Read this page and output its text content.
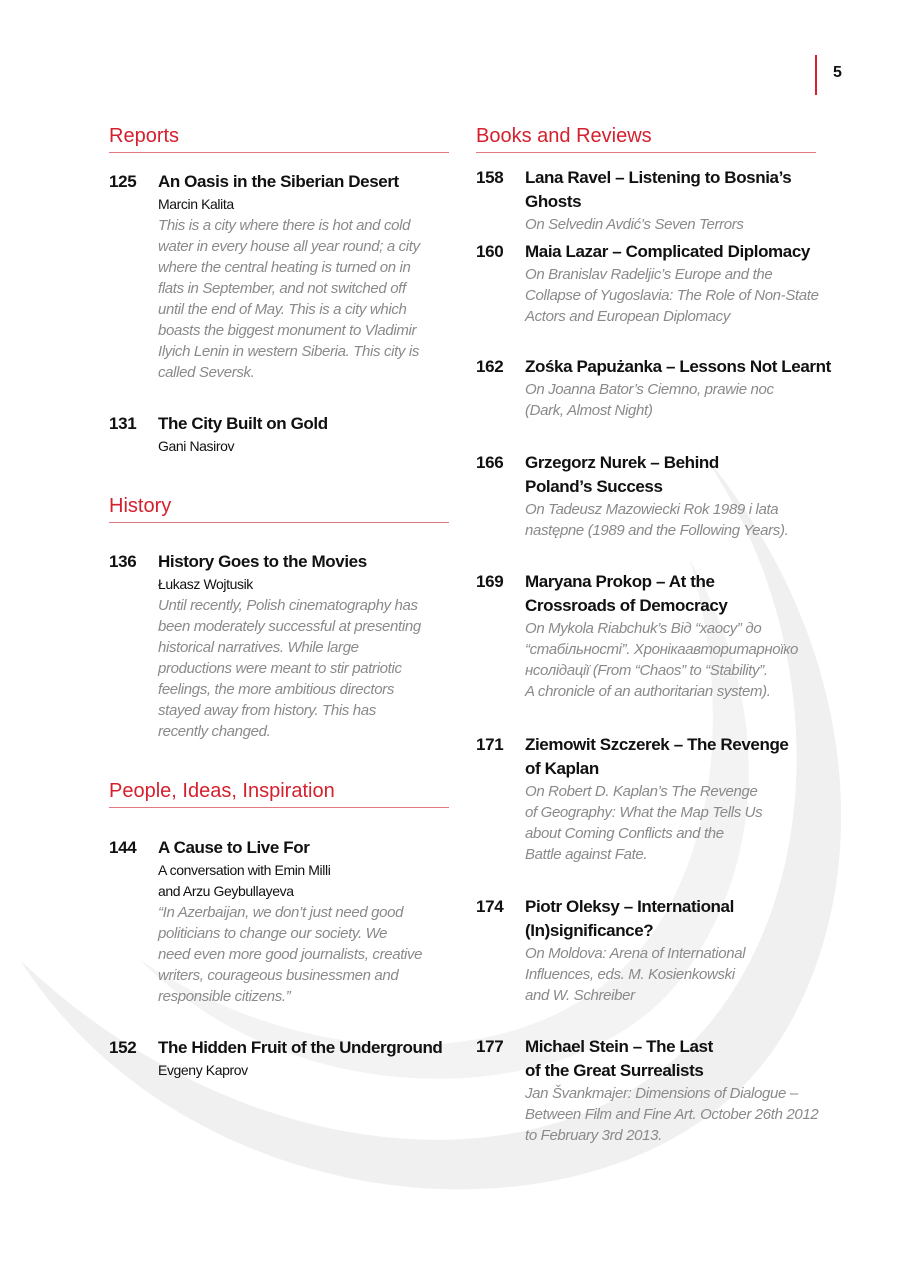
5
Reports
125 An Oasis in the Siberian Desert
Marcin Kalita
This is a city where there is hot and cold
water in every house all year round; a city
where the central heating is turned on in
flats in September, and not switched off
until the end of May. This is a city which
boasts the biggest monument to Vladimir
Ilyich Lenin in western Siberia. This city is
called Seversk.
131 The City Built on Gold
Gani Nasirov
History
136 History Goes to the Movies
Łukasz Wojtusik
Until recently, Polish cinematography has
been moderately successful at presenting
historical narratives. While large
productions were meant to stir patriotic
feelings, the more ambitious directors
stayed away from history. This has
recently changed.
People, Ideas, Inspiration
144 A Cause to Live For
A conversation with Emin Milli
and Arzu Geybullayeva
“In Azerbaijan, we don’t just need good
politicians to change our society. We
need even more good journalists, creative
writers, courageous businessmen and
responsible citizens.”
152 The Hidden Fruit of the Underground
Evgeny Kaprov
Books and Reviews
158 Lana Ravel – Listening to Bosnia’s Ghosts
On Selvedin Avdić’s Seven Terrors
160 Maia Lazar – Complicated Diplomacy
On Branislav Radeljic’s Europe and the
Collapse of Yugoslavia: The Role of Non-State
Actors and European Diplomacy
162 Zośka Papużanka – Lessons Not Learnt
On Joanna Bator’s Ciemno, prawie noc
(Dark, Almost Night)
166 Grzegorz Nurek – Behind
Poland’s Success
On Tadeusz Mazowiecki Rok 1989 i lata
następne (1989 and the Following Years).
169 Maryana Prokop – At the
Crossroads of Democracy
On Mykola Riabchuk’s Від “хаосу” до
“стабільності”. Хронікаавторитарноїко
нсолідації (From “Chaos” to “Stability”.
A chronicle of an authoritarian system).
171 Ziemowit Szczerek – The Revenge
of Kaplan
On Robert D. Kaplan’s The Revenge
of Geography: What the Map Tells Us
about Coming Conflicts and the
Battle against Fate.
174 Piotr Oleksy – International
(In)significance?
On Moldova: Arena of International
Influences, eds. M. Kosienkowski
and W. Schreiber
177 Michael Stein – The Last
of the Great Surrealists
Jan Švankmajer: Dimensions of Dialogue –
Between Film and Fine Art. October 26th 2012
to February 3rd 2013.
